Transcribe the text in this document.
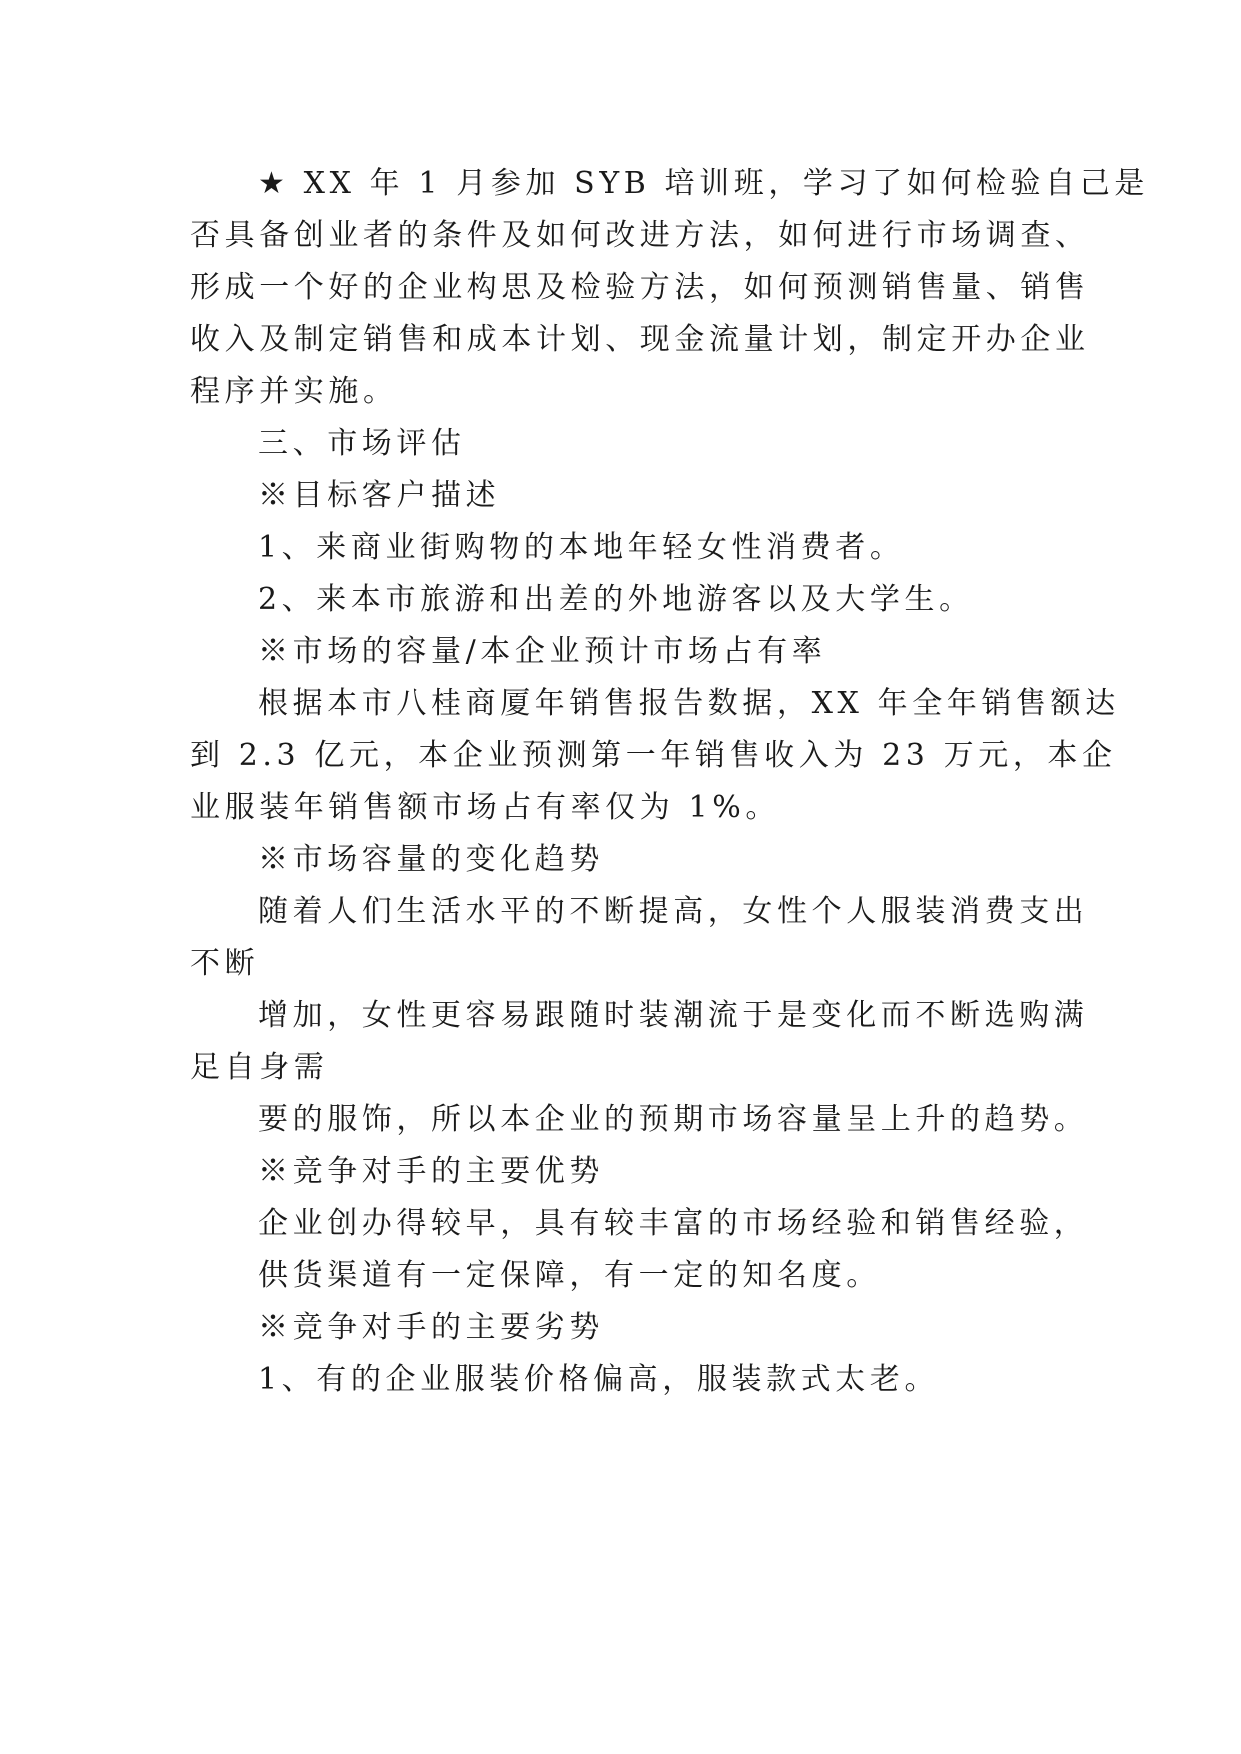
★ XX 年 1 月参加 SYB 培训班，学习了如何检验自己是
否具备创业者的条件及如何改进方法，如何进行市场调查、
形成一个好的企业构思及检验方法，如何预测销售量、销售
收入及制定销售和成本计划、现金流量计划，制定开办企业
程序并实施。
三、市场评估
※目标客户描述
1、来商业街购物的本地年轻女性消费者。
2、来本市旅游和出差的外地游客以及大学生。
※市场的容量/本企业预计市场占有率
根据本市八桂商厦年销售报告数据，XX 年全年销售额达
到 2.3 亿元，本企业预测第一年销售收入为 23 万元，本企
业服装年销售额市场占有率仅为 1%。
※市场容量的变化趋势
随着人们生活水平的不断提高，女性个人服装消费支出
不断
增加，女性更容易跟随时装潮流于是变化而不断选购满
足自身需
要的服饰，所以本企业的预期市场容量呈上升的趋势。
※竞争对手的主要优势
企业创办得较早，具有较丰富的市场经验和销售经验，
供货渠道有一定保障，有一定的知名度。
※竞争对手的主要劣势
1、有的企业服装价格偏高，服装款式太老。
